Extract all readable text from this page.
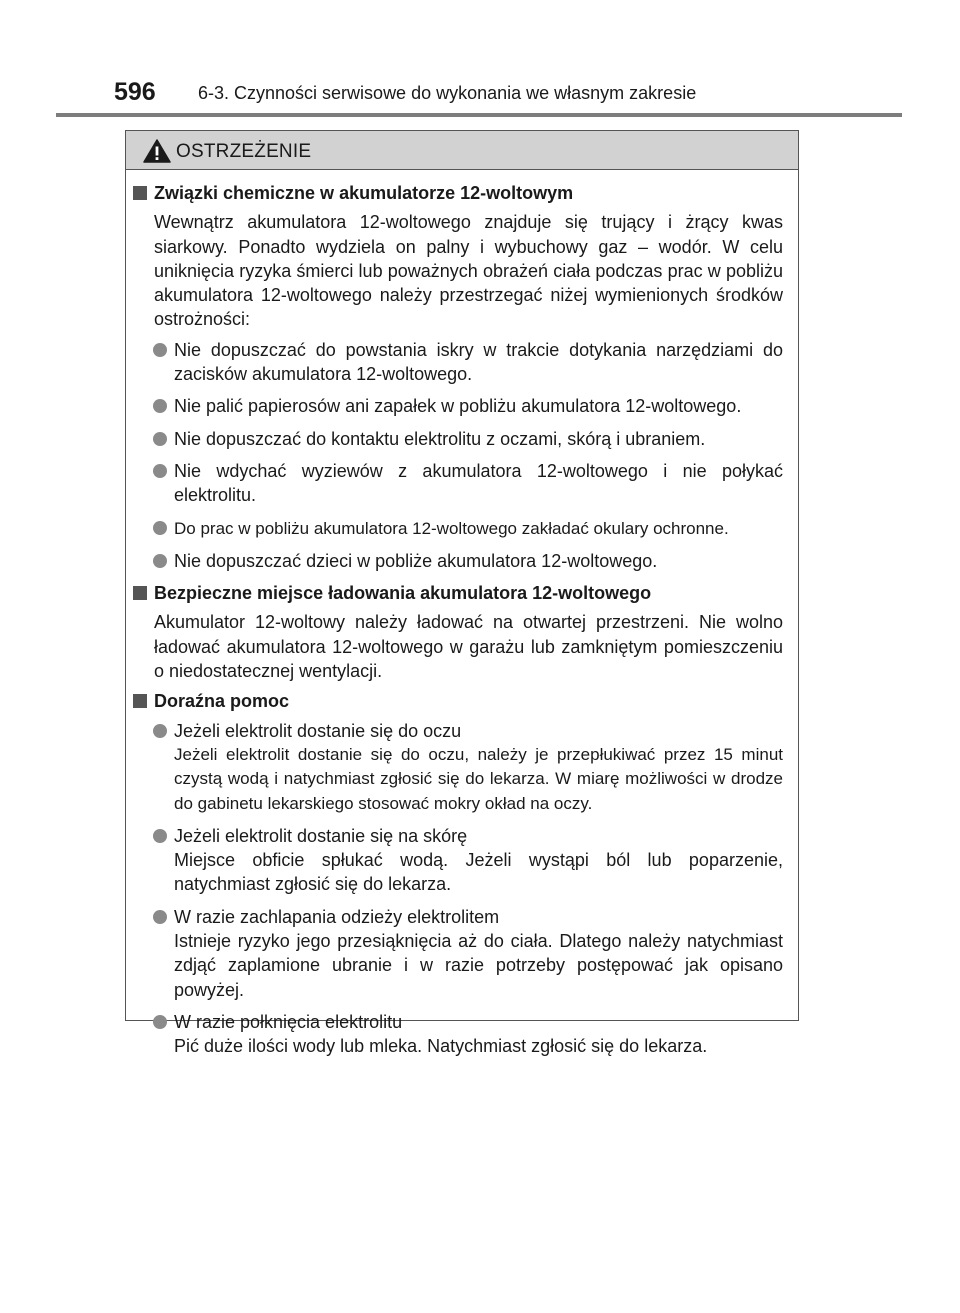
596 6-3. Czynności serwisowe do wykonania we własnym zakresie
OSTRZEŻENIE
Związki chemiczne w akumulatorze 12-woltowym
Wewnątrz akumulatora 12-woltowego znajduje się trujący i żrący kwas siarkowy. Ponadto wydziela on palny i wybuchowy gaz – wodór. W celu uniknięcia ryzyka śmierci lub poważnych obrażeń ciała podczas prac w pobliżu akumulatora 12-woltowego należy przestrzegać niżej wymienionych środków ostrożności:
Nie dopuszczać do powstania iskry w trakcie dotykania narzędziami do zacisków akumulatora 12-woltowego.
Nie palić papierosów ani zapałek w pobliżu akumulatora 12-woltowego.
Nie dopuszczać do kontaktu elektrolitu z oczami, skórą i ubraniem.
Nie wdychać wyziewów z akumulatora 12-woltowego i nie połykać elektrolitu.
Do prac w pobliżu akumulatora 12-woltowego zakładać okulary ochronne.
Nie dopuszczać dzieci w pobliże akumulatora 12-woltowego.
Bezpieczne miejsce ładowania akumulatora 12-woltowego
Akumulator 12-woltowy należy ładować na otwartej przestrzeni. Nie wolno ładować akumulatora 12-woltowego w garażu lub zamkniętym pomieszczeniu o niedostatecznej wentylacji.
Doraźna pomoc
Jeżeli elektrolit dostanie się do oczu
Jeżeli elektrolit dostanie się do oczu, należy je przepłukiwać przez 15 minut czystą wodą i natychmiast zgłosić się do lekarza. W miarę możliwości w drodze do gabinetu lekarskiego stosować mokry okład na oczy.
Jeżeli elektrolit dostanie się na skórę
Miejsce obficie spłukać wodą. Jeżeli wystąpi ból lub poparzenie, natychmiast zgłosić się do lekarza.
W razie zachlapania odzieży elektrolitem
Istnieje ryzyko jego przesiąknięcia aż do ciała. Dlatego należy natychmiast zdjąć zaplamione ubranie i w razie potrzeby postępować jak opisano powyżej.
W razie połknięcia elektrolitu
Pić duże ilości wody lub mleka. Natychmiast zgłosić się do lekarza.
